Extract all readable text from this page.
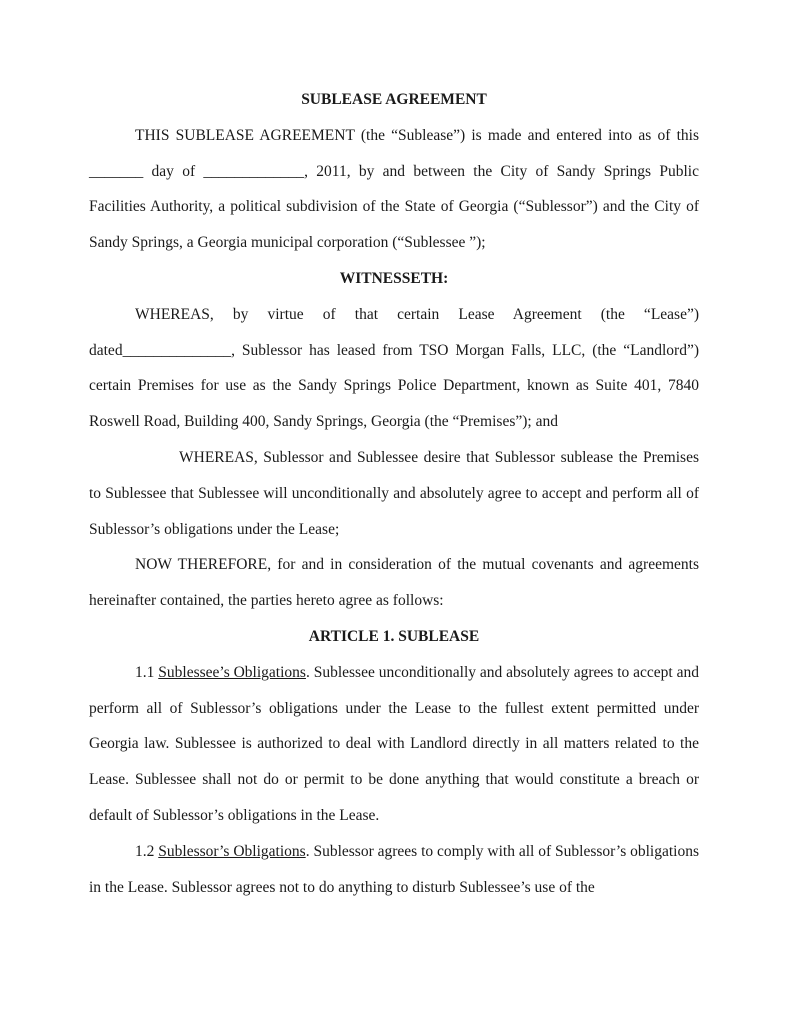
SUBLEASE AGREEMENT

THIS SUBLEASE AGREEMENT (the “Sublease”) is made and entered into as of this _______ day of _____________, 2011, by and between the City of Sandy Springs Public Facilities Authority, a political subdivision of the State of Georgia (“Sublessor”) and the City of Sandy Springs, a Georgia municipal corporation (“Sublessee ”);

WITNESSETH:

WHEREAS, by virtue of that certain Lease Agreement (the “Lease”) dated______________, Sublessor has leased from TSO Morgan Falls, LLC, (the “Landlord”) certain Premises for use as the Sandy Springs Police Department, known as Suite 401, 7840 Roswell Road, Building 400, Sandy Springs, Georgia (the “Premises”); and

WHEREAS, Sublessor and Sublessee desire that Sublessor sublease the Premises to Sublessee that Sublessee will unconditionally and absolutely agree to accept and perform all of Sublessor’s obligations under the Lease;

NOW THEREFORE, for and in consideration of the mutual covenants and agreements hereinafter contained, the parties hereto agree as follows:

ARTICLE 1. SUBLEASE

1.1 Sublessee’s Obligations. Sublessee unconditionally and absolutely agrees to accept and perform all of Sublessor’s obligations under the Lease to the fullest extent permitted under Georgia law. Sublessee is authorized to deal with Landlord directly in all matters related to the Lease. Sublessee shall not do or permit to be done anything that would constitute a breach or default of Sublessor’s obligations in the Lease.

1.2 Sublessor’s Obligations. Sublessor agrees to comply with all of Sublessor’s obligations in the Lease. Sublessor agrees not to do anything to disturb Sublessee’s use of the
